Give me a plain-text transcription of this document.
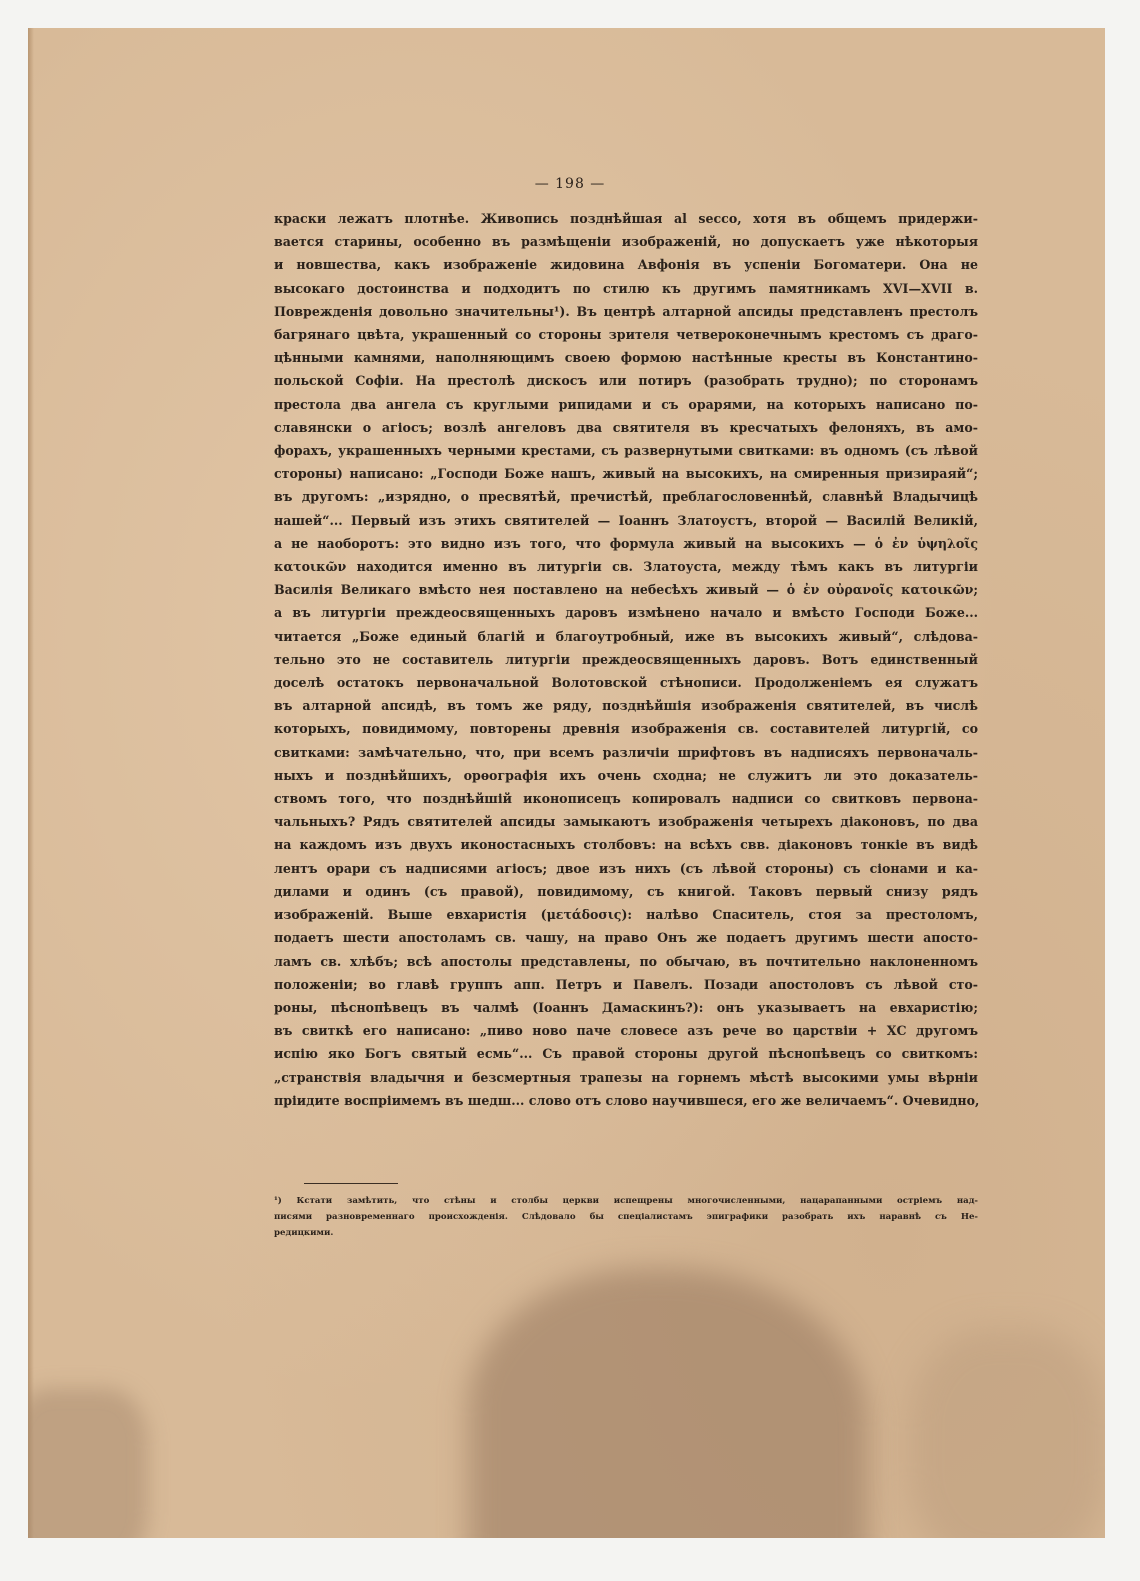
— 198 —
краски лежатъ плотнѣе. Живопись позднѣйшая al secco, хотя въ общемъ придержи-
вается старины, особенно въ размѣщеніи изображеній, но допускаетъ уже нѣкоторыя
и новшества, какъ изображеніе жидовина Авфонія въ успеніи Богоматери. Она не
высокаго достоинства и подходитъ по стилю къ другимъ памятникамъ XVI—XVII в.
Поврежденія довольно значительны¹). Въ центрѣ алтарной апсиды представленъ престолъ
багрянаго цвѣта, украшенный со стороны зрителя четвероконечнымъ крестомъ съ драго-
цѣнными камнями, наполняющимъ своею формою настѣнные кресты въ Константино-
польской Софіи. На престолѣ дискосъ или потиръ (разобрать трудно); по сторонамъ
престола два ангела съ круглыми рипидами и съ орарями, на которыхъ написано по-
славянски о агіосъ; возлѣ ангеловъ два святителя въ кресчатыхъ фелоняхъ, въ амо-
форахъ, украшенныхъ черными крестами, съ развернутыми свитками: въ одномъ (съ лѣвой
стороны) написано: „Господи Боже нашъ, живый на высокихъ, на смиренныя призираяй“;
въ другомъ: „изрядно, о пресвятѣй, пречистѣй, преблагословеннѣй, славнѣй Владычицѣ
нашей“... Первый изъ этихъ святителей — Іоаннъ Златоустъ, второй — Василій Великій,
а не наоборотъ: это видно изъ того, что формула живый на высокихъ — ὁ ἐν ὑψηλοῖς
κατοικῶν находится именно въ литургіи св. Златоуста, между тѣмъ какъ въ литургіи
Василія Великаго вмѣсто нея поставлено на небесѣхъ живый — ὁ ἐν οὐρανοῖς κατοικῶν;
а въ литургіи преждеосвященныхъ даровъ измѣнено начало и вмѣсто Господи Боже...
читается „Боже единый благій и благоутробный, иже въ высокихъ живый“, слѣдова-
тельно это не составитель литургіи преждеосвященныхъ даровъ. Вотъ единственный
доселѣ остатокъ первоначальной Волотовской стѣнописи. Продолженіемъ ея служатъ
въ алтарной апсидѣ, въ томъ же ряду, позднѣйшія изображенія святителей, въ числѣ
которыхъ, повидимому, повторены древнія изображенія св. составителей литургій, со
свитками: замѣчательно, что, при всемъ различіи шрифтовъ въ надписяхъ первоначаль-
ныхъ и позднѣйшихъ, орѳографія ихъ очень сходна; не служитъ ли это доказатель-
ствомъ того, что позднѣйшій иконописецъ копировалъ надписи со свитковъ первона-
чальныхъ? Рядъ святителей апсиды замыкаютъ изображенія четырехъ діаконовъ, по два
на каждомъ изъ двухъ иконостасныхъ столбовъ: на всѣхъ свв. діаконовъ тонкіе въ видѣ
лентъ орари съ надписями агіосъ; двое изъ нихъ (съ лѣвой стороны) съ сіонами и ка-
дилами и одинъ (съ правой), повидимому, съ книгой. Таковъ первый снизу рядъ
изображеній. Выше евхаристія (μετάδοσις): налѣво Спаситель, стоя за престоломъ,
подаетъ шести апостоламъ св. чашу, на право Онъ же подаетъ другимъ шести апосто-
ламъ св. хлѣбъ; всѣ апостолы представлены, по обычаю, въ почтительно наклоненномъ
положеніи; во главѣ группъ апп. Петръ и Павелъ. Позади апостоловъ съ лѣвой сто-
роны, пѣснопѣвецъ въ чалмѣ (Іоаннъ Дамаскинъ?): онъ указываетъ на евхаристію;
въ свиткѣ его написано: „пиво ново паче словесе азъ рече во царствіи + ХС другомъ
испію яко Богъ святый есмь“... Съ правой стороны другой пѣснопѣвецъ со свиткомъ:
„странствія владычня и безсмертныя трапезы на горнемъ мѣстѣ высокими умы вѣрніи
пріидите воспріимемъ въ шедш... слово отъ слово научившеся, его же величаемъ“. Очевидно,
¹) Кстати замѣтить, что стѣны и столбы церкви испещрены многочисленными, нацарапанными остріемъ над-
писями разновременнаго происхожденія. Слѣдовало бы спеціалистамъ эпиграфики разобрать ихъ наравнѣ съ Не-
редицкими.
